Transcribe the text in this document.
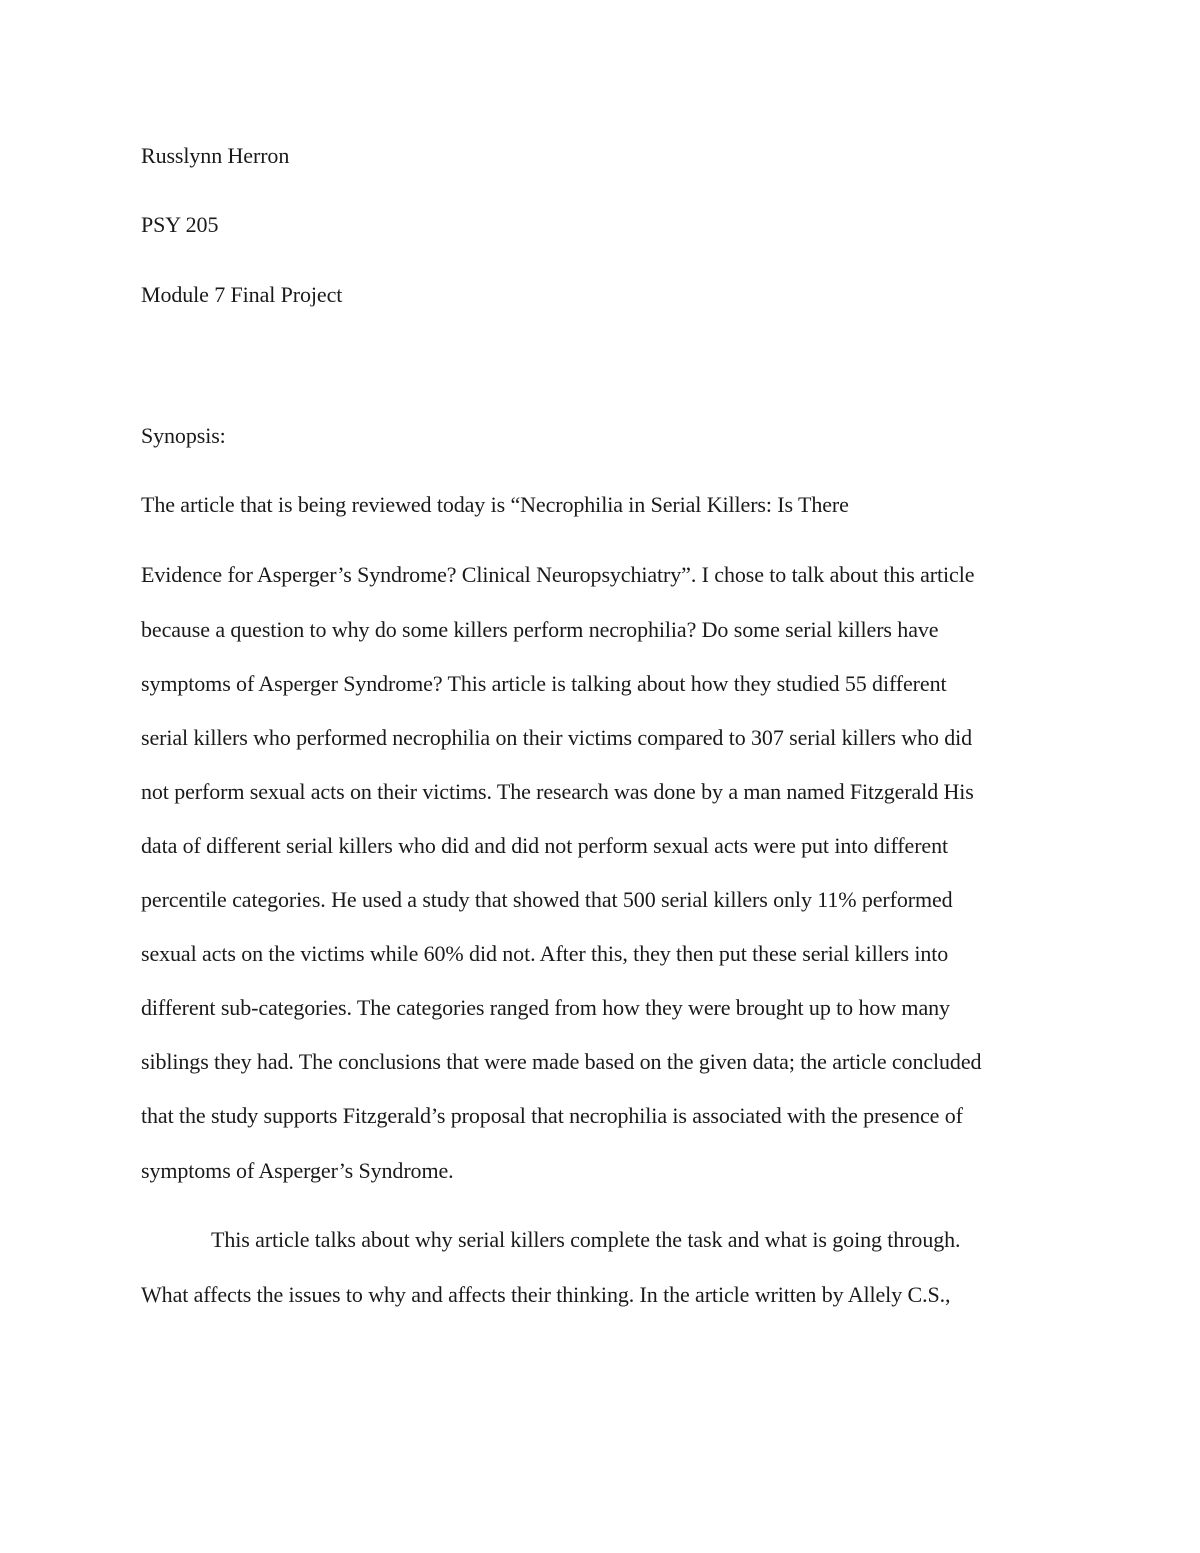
Russlynn Herron
PSY 205
Module 7 Final Project
Synopsis:
The article that is being reviewed today is “Necrophilia in Serial Killers: Is There
Evidence for Asperger’s Syndrome? Clinical Neuropsychiatry”. I chose to talk about this article
because a question to why do some killers perform necrophilia? Do some serial killers have
symptoms of Asperger Syndrome? This article is talking about how they studied 55 different
serial killers who performed necrophilia on their victims compared to 307 serial killers who did
not perform sexual acts on their victims. The research was done by a man named Fitzgerald His
data of different serial killers who did and did not perform sexual acts were put into different
percentile categories. He used a study that showed that 500 serial killers only 11% performed
sexual acts on the victims while 60% did not. After this, they then put these serial killers into
different sub-categories. The categories ranged from how they were brought up to how many
siblings they had. The conclusions that were made based on the given data; the article concluded
that the study supports Fitzgerald’s proposal that necrophilia is associated with the presence of
symptoms of Asperger’s Syndrome.
This article talks about why serial killers complete the task and what is going through.
What affects the issues to why and affects their thinking. In the article written by Allely C.S.,
